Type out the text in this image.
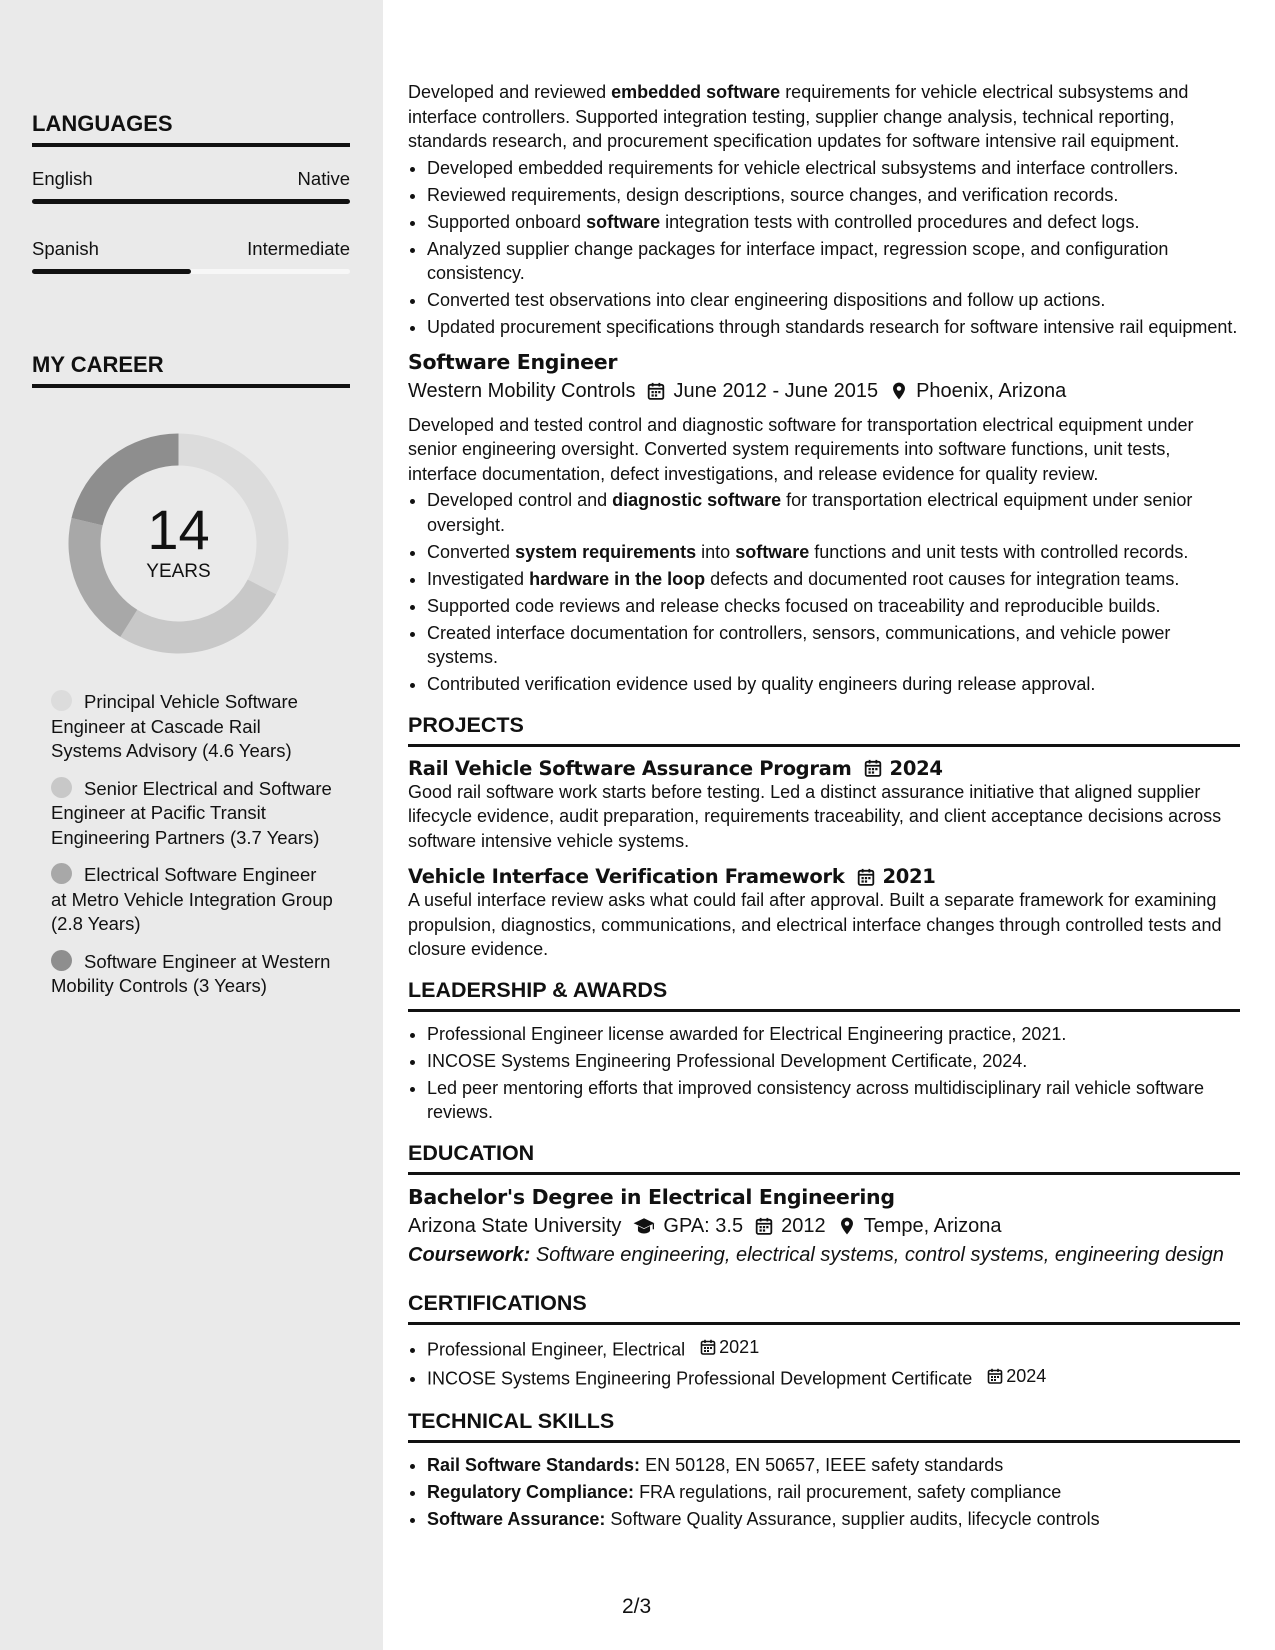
LANGUAGES
English	Native
Spanish	Intermediate
MY CAREER
14
YEARS
Principal Vehicle Software Engineer at Cascade Rail Systems Advisory (4.6 Years)
Senior Electrical and Software Engineer at Pacific Transit Engineering Partners (3.7 Years)
Electrical Software Engineer at Metro Vehicle Integration Group (2.8 Years)
Software Engineer at Western Mobility Controls (3 Years)

Developed and reviewed embedded software requirements for vehicle electrical subsystems and interface controllers. Supported integration testing, supplier change analysis, technical reporting, standards research, and procurement specification updates for software intensive rail equipment.

• Developed embedded requirements for vehicle electrical subsystems and interface controllers.
• Reviewed requirements, design descriptions, source changes, and verification records.
• Supported onboard software integration tests with controlled procedures and defect logs.
• Analyzed supplier change packages for interface impact, regression scope, and configuration consistency.
• Converted test observations into clear engineering dispositions and follow up actions.
• Updated procurement specifications through standards research for software intensive rail equipment.
Software Engineer
Western Mobility Controls June 2012 - June 2015 Phoenix, Arizona

Developed and tested control and diagnostic software for transportation electrical equipment under senior engineering oversight. Converted system requirements into software functions, unit tests, interface documentation, defect investigations, and release evidence for quality review.

• Developed control and diagnostic software for transportation electrical equipment under senior oversight.
• Converted system requirements into software functions and unit tests with controlled records.
• Investigated hardware in the loop defects and documented root causes for integration teams.
• Supported code reviews and release checks focused on traceability and reproducible builds.
• Created interface documentation for controllers, sensors, communications, and vehicle power systems.
• Contributed verification evidence used by quality engineers during release approval.
PROJECTS
Rail Vehicle Software Assurance Program 2024

Good rail software work starts before testing. Led a distinct assurance initiative that aligned supplier lifecycle evidence, audit preparation, requirements traceability, and client acceptance decisions across software intensive vehicle systems.

Vehicle Interface Verification Framework 2021

A useful interface review asks what could fail after approval. Built a separate framework for examining propulsion, diagnostics, communications, and electrical interface changes through controlled tests and closure evidence.

LEADERSHIP & AWARDS
• Professional Engineer license awarded for Electrical Engineering practice, 2021.
• INCOSE Systems Engineering Professional Development Certificate, 2024.
• Led peer mentoring efforts that improved consistency across multidisciplinary rail vehicle software reviews.
EDUCATION
Bachelor's Degree in Electrical Engineering
Arizona State University GPA: 3.5 2012 Tempe, Arizona
Coursework: Software engineering, electrical systems, control systems, engineering design
CERTIFICATIONS
• Professional Engineer, Electrical 2021
• INCOSE Systems Engineering Professional Development Certificate 2024
TECHNICAL SKILLS
• Rail Software Standards: EN 50128, EN 50657, IEEE safety standards
• Regulatory Compliance: FRA regulations, rail procurement, safety compliance
• Software Assurance: Software Quality Assurance, supplier audits, lifecycle controls
2/3
